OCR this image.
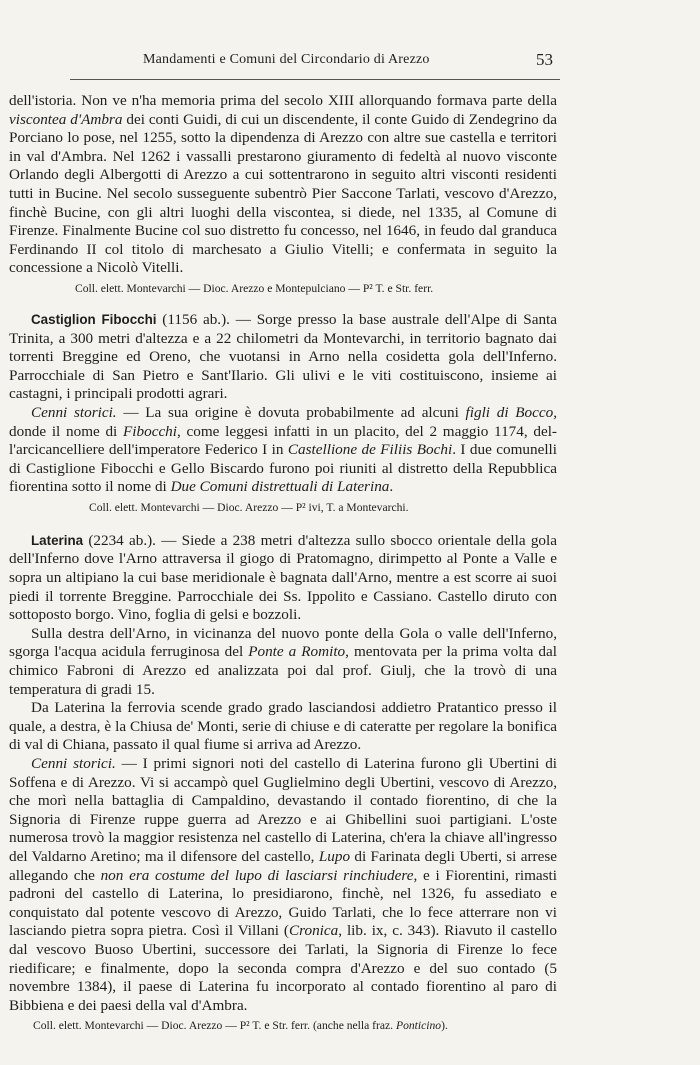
Mandamenti e Comuni del Circondario di Arezzo	53

dell'istoria. Non ve n'ha memoria prima del secolo XIII allorquando formava parte della viscontea d'Ambra dei conti Guidi, di cui un discendente, il conte Guido di Zendegrino da Porciano lo pose, nel 1255, sotto la dipendenza di Arezzo con altre sue castella e territori in val d'Ambra. Nel 1262 i vassalli prestarono giuramento di fedeltà al nuovo visconte Orlando degli Albergotti di Arezzo a cui sottentrarono in seguito altri visconti residenti tutti in Bucine. Nel secolo susseguente subentrò Pier Saccone Tarlati, vescovo d'Arezzo, finchè Bucine, con gli altri luoghi della viscontea, si diede, nel 1335, al Comune di Firenze. Finalmente Bucine col suo distretto fu concesso, nel 1646, in feudo dal granduca Ferdinando II col titolo di marchesato a Giulio Vitelli; e confermata in seguito la concessione a Nicolò Vitelli.

Coll. elett. Montevarchi — Dioc. Arezzo e Montepulciano — P² T. e Str. ferr.

Castiglion Fibocchi (1156 ab.). — Sorge presso la base australe dell'Alpe di Santa Trinita, a 300 metri d'altezza e a 22 chilometri da Montevarchi, in territorio bagnato dai torrenti Breggine ed Oreno, che vuotansi in Arno nella cosidetta gola dell'Inferno. Parrocchiale di San Pietro e Sant'Ilario. Gli ulivi e le viti costituiscono, insieme ai castagni, i principali prodotti agrari.

Cenni storici. — La sua origine è dovuta probabilmente ad alcuni figli di Bocco, donde il nome di Fibocchi, come leggesi infatti in un placito, del 2 maggio 1174, del-l'arcicancelliere dell'imperatore Federico I in Castellione de Filiis Bochi. I due comunelli di Castiglione Fibocchi e Gello Biscardo furono poi riuniti al distretto della Repubblica fiorentina sotto il nome di Due Comuni distrettuali di Laterina.

Coll. elett. Montevarchi — Dioc. Arezzo — P² ivi, T. a Montevarchi.

Laterina (2234 ab.). — Siede a 238 metri d'altezza sullo sbocco orientale della gola dell'Inferno dove l'Arno attraversa il giogo di Pratomagno, dirimpetto al Ponte a Valle e sopra un altipiano la cui base meridionale è bagnata dall'Arno, mentre a est scorre ai suoi piedi il torrente Breggine. Parrocchiale dei Ss. Ippolito e Cassiano. Castello diruto con sottoposto borgo. Vino, foglia di gelsi e bozzoli.

Sulla destra dell'Arno, in vicinanza del nuovo ponte della Gola o valle dell'Inferno, sgorga l'acqua acidula ferruginosa del Ponte a Romito, mentovata per la prima volta dal chimico Fabroni di Arezzo ed analizzata poi dal prof. Giulj, che la trovò di una temperatura di gradi 15.

Da Laterina la ferrovia scende grado grado lasciandosi addietro Pratantico presso il quale, a destra, è la Chiusa de' Monti, serie di chiuse e di cateratte per regolare la bonifica di val di Chiana, passato il qual fiume si arriva ad Arezzo.

Cenni storici. — I primi signori noti del castello di Laterina furono gli Ubertini di Soffena e di Arezzo. Vi si accampò quel Guglielmino degli Ubertini, vescovo di Arezzo, che morì nella battaglia di Campaldino, devastando il contado fiorentino, di che la Signoria di Firenze ruppe guerra ad Arezzo e ai Ghibellini suoi partigiani. L'oste numerosa trovò la maggior resistenza nel castello di Laterina, ch'era la chiave all'ingresso del Valdarno Aretino; ma il difensore del castello, Lupo di Farinata degli Uberti, si arrese allegando che non era costume del lupo di lasciarsi rinchiudere, e i Fiorentini, rimasti padroni del castello di Laterina, lo presidiarono, finchè, nel 1326, fu assediato e conquistato dal potente vescovo di Arezzo, Guido Tarlati, che lo fece atterrare non vi lasciando pietra sopra pietra. Così il Villani (Cronica, lib. ix, c. 343). Riavuto il castello dal vescovo Buoso Ubertini, successore dei Tarlati, la Signoria di Firenze lo fece riedificare; e finalmente, dopo la seconda compra d'Arezzo e del suo contado (5 novembre 1384), il paese di Laterina fu incorporato al contado fiorentino al paro di Bibbiena e dei paesi della val d'Ambra.

Coll. elett. Montevarchi — Dioc. Arezzo — P² T. e Str. ferr. (anche nella fraz. Ponticino).
